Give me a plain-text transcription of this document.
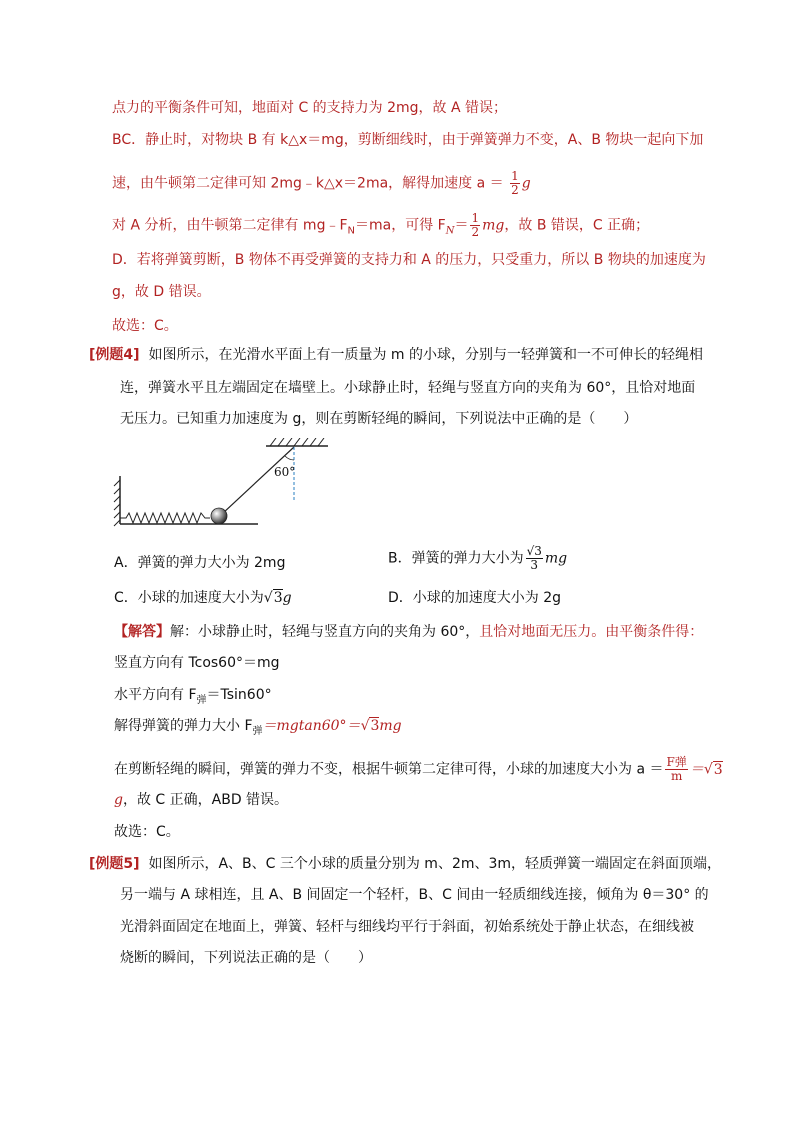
点力的平衡条件可知，地面对 C 的支持力为 2mg，故 A 错误；
BC．静止时，对物块 B 有 k△x＝mg，剪断细线时，由于弹簧弹力不变，A、B 物块一起向下加
速，由牛顿第二定律可知 2mg﹣k△x＝2ma，解得加速度 $a = \frac{1}{2}$ g
对 A 分析，由牛顿第二定律有 $mg﹣F_N=ma$，可得 $F_N= \frac{1}{2}$ mg，故 B 错误，C 正确；
D．若将弹簧剪断，B 物体不再受弹簧的支持力和 A 的压力，只受重力，所以 B 物块的加速度为
g，故 D 错误。
故选：C。
[例题4] 如图所示，在光滑水平面上有一质量为 m 的小球，分别与一轻弹簧和一不可伸长的轻绳相
连，弹簧水平且左端固定在墙壁上。小球静止时，轻绳与竖直方向的夹角为 60°，且恰对地面
无压力。已知重力加速度为 g，则在剪断轻绳的瞬间，下列说法中正确的是（　　）
60°
A．弹簧的弹力大小为 2mg	B．弹簧的弹力大小为 $\frac{√3}{3}$ mg
C．小球的加速度大小为√3g	D．小球的加速度大小为 2g
【解答】解：小球静止时，轻绳与竖直方向的夹角为 60°，且恰对地面无压力。由平衡条件得：
竖直方向有 Tcos60°＝mg
水平方向有 $F_弹=Tsin60^\circ$
解得弹簧的弹力大小 $F_弹=mgtan60^\circ=√3mg$
在剪断轻绳的瞬间，弹簧的弹力不变，根据牛顿第二定律可得，小球的加速度大小为 $a = \frac{\text{F弹}}{m} =√3$
g，故 C 正确，ABD 错误。
故选：C。
[例题5] 如图所示，A、B、C 三个小球的质量分别为 m、2m、3m，轻质弹簧一端固定在斜面顶端，
另一端与 A 球相连，且 A、B 间固定一个轻杆，B、C 间由一轻质细线连接，倾角为 θ＝30° 的
光滑斜面固定在地面上，弹簧、轻杆与细线均平行于斜面，初始系统处于静止状态，在细线被
烧断的瞬间，下列说法正确的是（　　）
